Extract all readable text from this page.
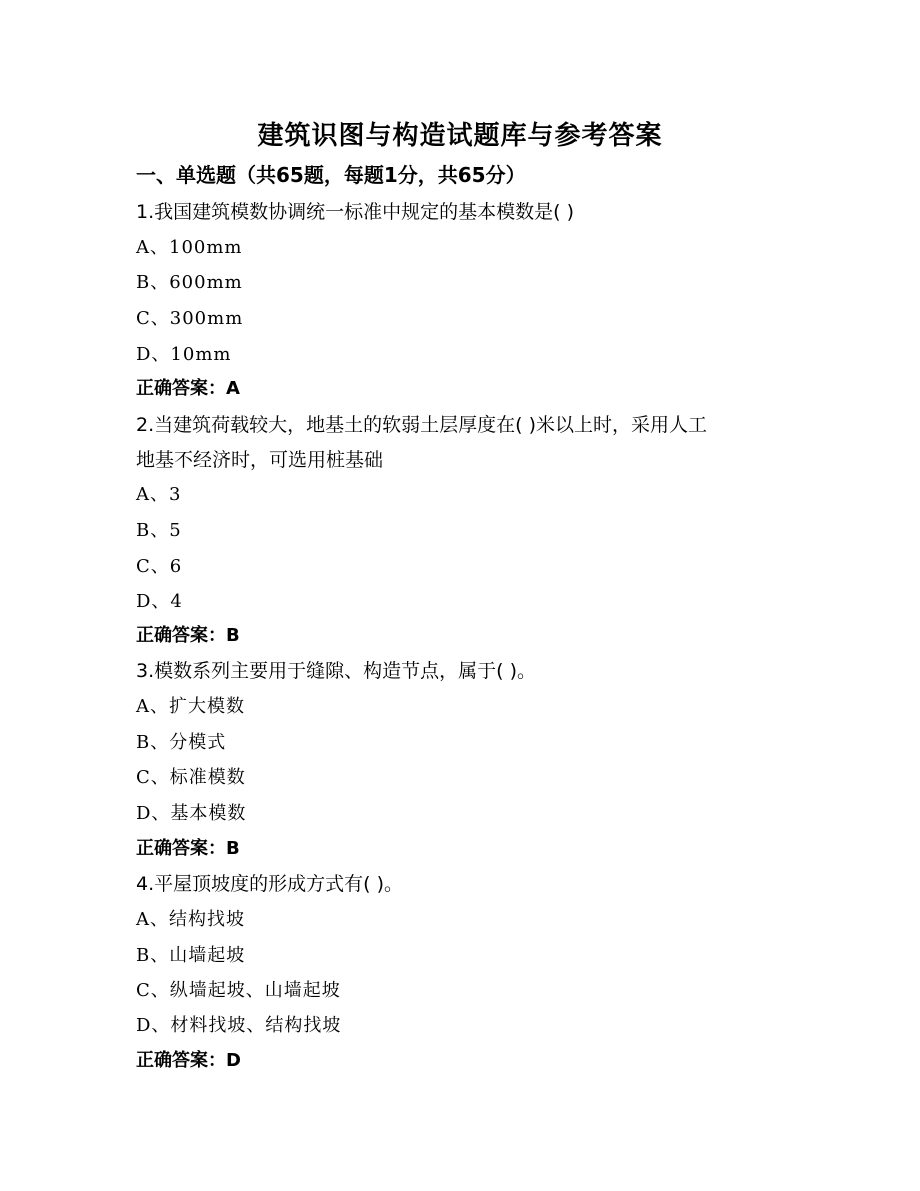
建筑识图与构造试题库与参考答案
一、单选题（共65题，每题1分，共65分）
1.我国建筑模数协调统一标准中规定的基本模数是( )
A、100mm
B、600mm
C、300mm
D、10mm
正确答案：A
2.当建筑荷载较大，地基土的软弱土层厚度在( )米以上时，采用人工
地基不经济时，可选用桩基础
A、3
B、5
C、6
D、4
正确答案：B
3.模数系列主要用于缝隙、构造节点，属于( )。
A、扩大模数
B、分模式
C、标准模数
D、基本模数
正确答案：B
4.平屋顶坡度的形成方式有( )。
A、结构找坡
B、山墙起坡
C、纵墙起坡、山墙起坡
D、材料找坡、结构找坡
正确答案：D
